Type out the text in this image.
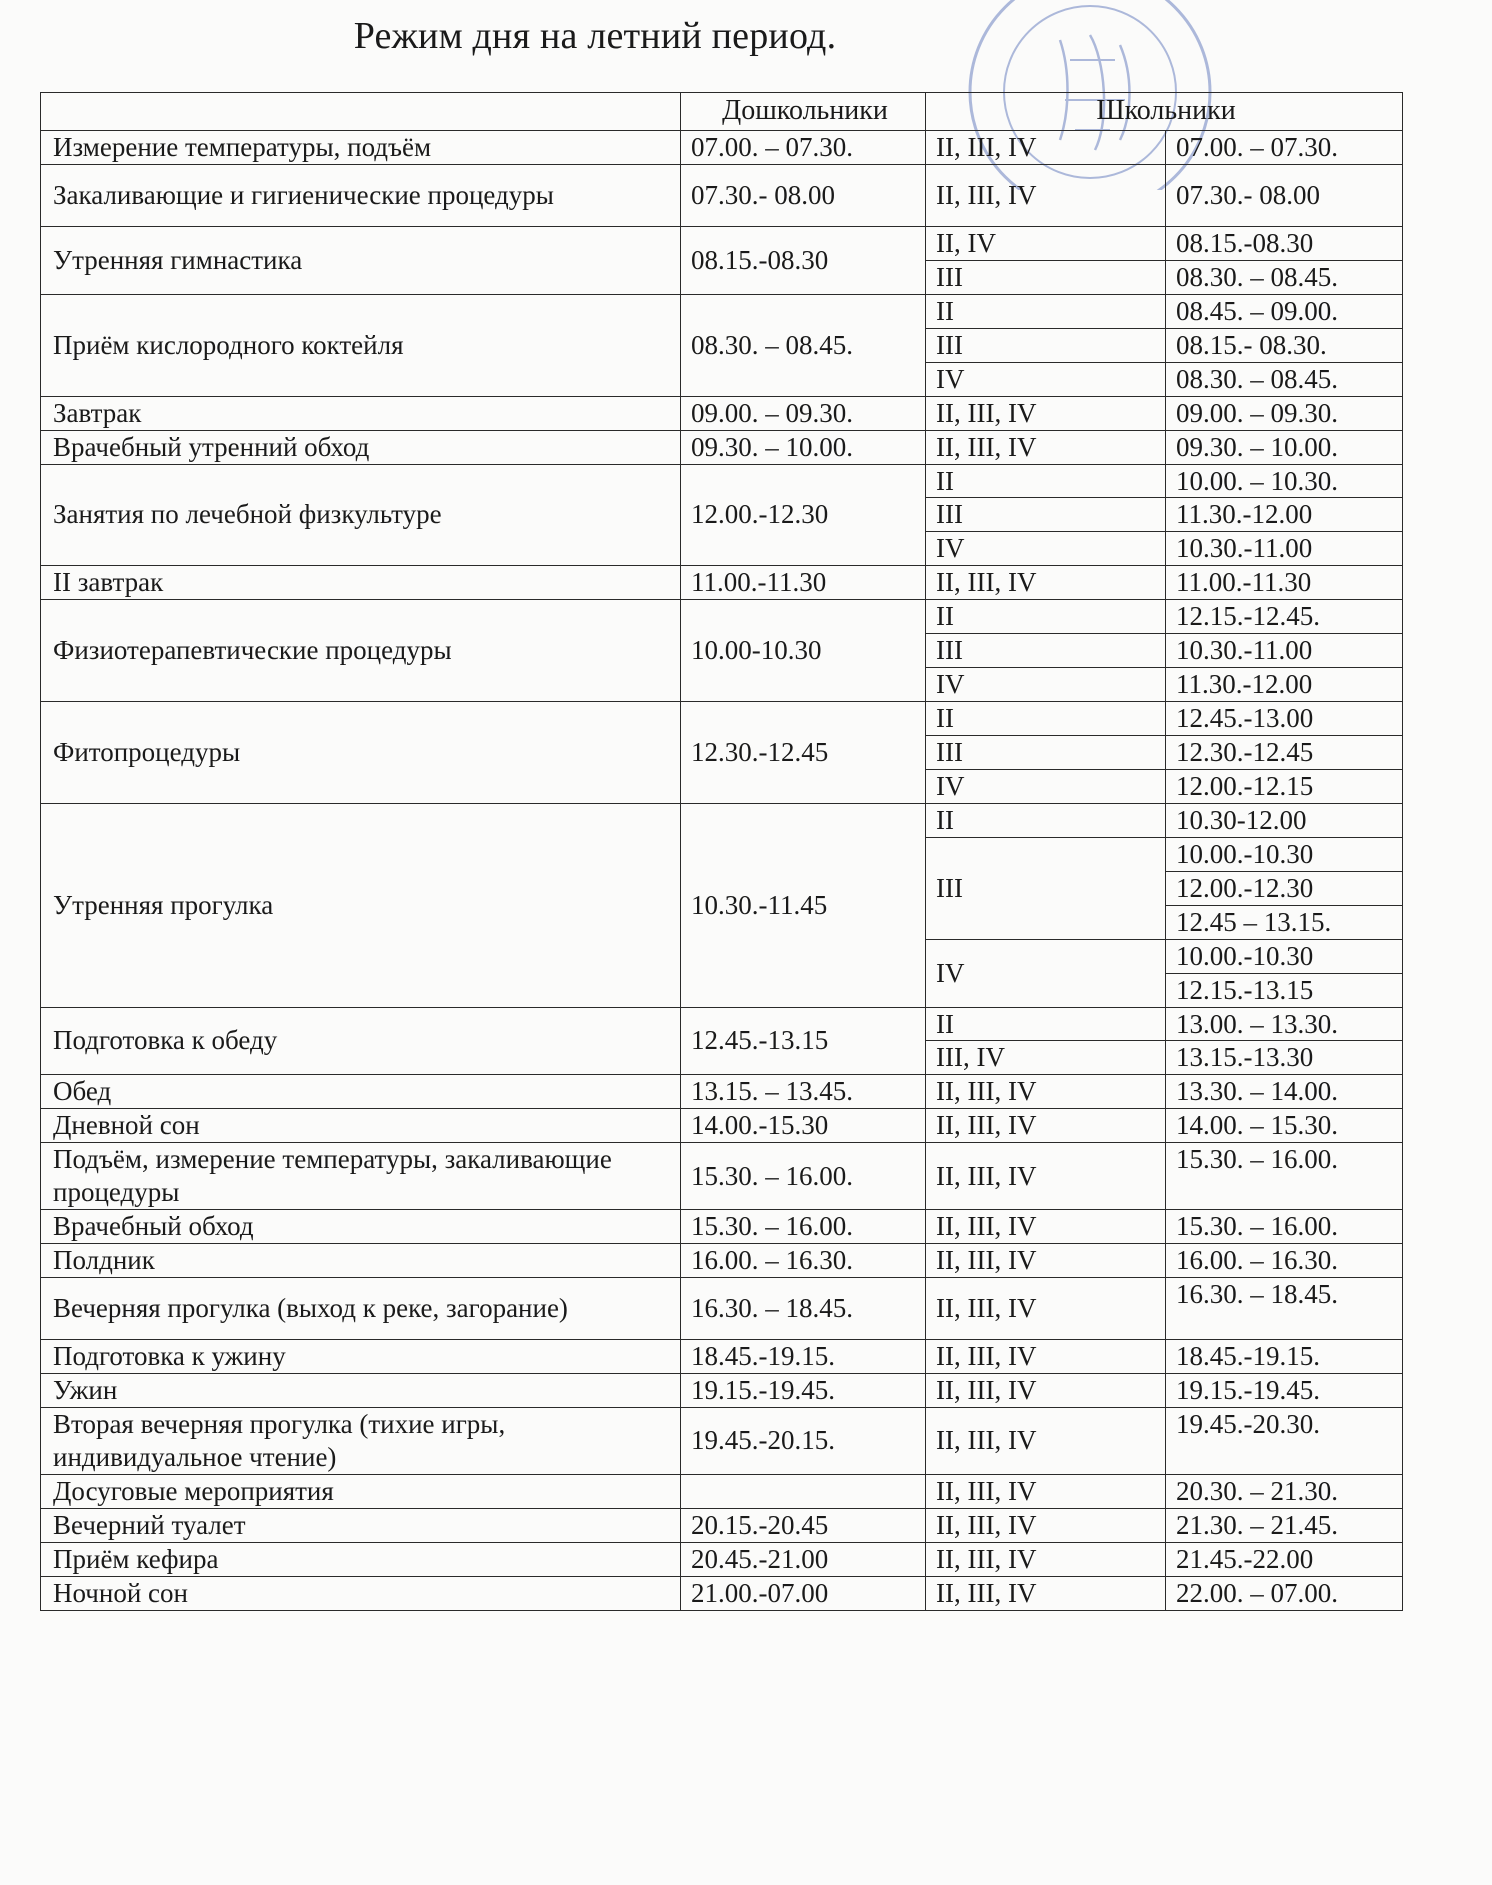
Режим дня на летний период.
	Дошкольники	Школьники	
Измерение температуры, подъём	07.00. – 07.30.	II, III, IV	07.00. – 07.30.
Закаливающие и гигиенические процедуры	07.30.- 08.00	II, III, IV	07.30.- 08.00
Утренняя гимнастика	08.15.-08.30	II, IV	08.15.-08.30
		III	08.30. – 08.45.
Приём кислородного коктейля	08.30. – 08.45.	II	08.45. – 09.00.
		III	08.15.- 08.30.
		IV	08.30. – 08.45.
Завтрак	09.00. – 09.30.	II, III, IV	09.00. – 09.30.
Врачебный утренний обход	09.30. – 10.00.	II, III, IV	09.30. – 10.00.
Занятия по лечебной физкультуре	12.00.-12.30	II	10.00. – 10.30.
		III	11.30.-12.00
		IV	10.30.-11.00
II завтрак	11.00.-11.30	II, III, IV	11.00.-11.30
Физиотерапевтические процедуры	10.00-10.30	II	12.15.-12.45.
		III	10.30.-11.00
		IV	11.30.-12.00
Фитопроцедуры	12.30.-12.45	II	12.45.-13.00
		III	12.30.-12.45
		IV	12.00.-12.15
Утренняя прогулка	10.30.-11.45	II	10.30-12.00
		III	10.00.-10.30
			12.00.-12.30
			12.45 – 13.15.
		IV	10.00.-10.30
			12.15.-13.15
Подготовка к обеду	12.45.-13.15	II	13.00. – 13.30.
		III, IV	13.15.-13.30
Обед	13.15. – 13.45.	II, III, IV	13.30. – 14.00.
Дневной сон	14.00.-15.30	II, III, IV	14.00. – 15.30.
Подъём, измерение температуры, закаливающие процедуры	15.30. – 16.00.	II, III, IV	15.30. – 16.00.
Врачебный обход	15.30. – 16.00.	II, III, IV	15.30. – 16.00.
Полдник	16.00. – 16.30.	II, III, IV	16.00. – 16.30.
Вечерняя прогулка (выход к реке, загорание)	16.30. – 18.45.	II, III, IV	16.30. – 18.45.
Подготовка к ужину	18.45.-19.15.	II, III, IV	18.45.-19.15.
Ужин	19.15.-19.45.	II, III, IV	19.15.-19.45.
Вторая вечерняя прогулка (тихие игры, индивидуальное чтение)	19.45.-20.15.	II, III, IV	19.45.-20.30.
Досуговые мероприятия		II, III, IV	20.30. – 21.30.
Вечерний туалет	20.15.-20.45	II, III, IV	21.30. – 21.45.
Приём кефира	20.45.-21.00	II, III, IV	21.45.-22.00
Ночной сон	21.00.-07.00	II, III, IV	22.00. – 07.00.
